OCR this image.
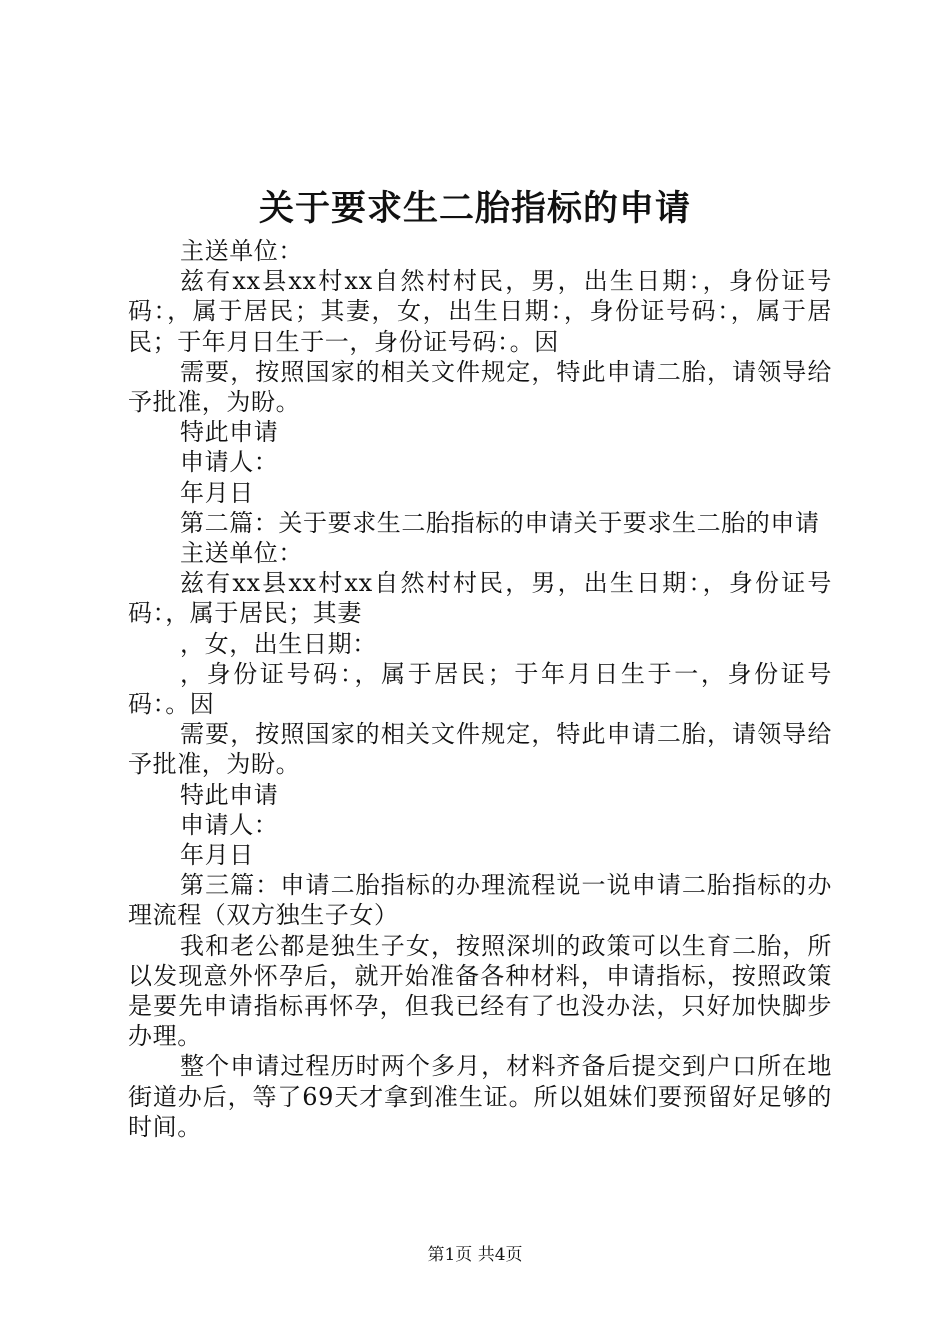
关于要求生二胎指标的申请

主送单位：

兹有xx县xx村xx自然村村民，男，出生日期：，身份证号码：，属于居民；其妻，女，出生日期：，身份证号码：，属于居民；于年月日生于一，身份证号码：。因

需要，按照国家的相关文件规定，特此申请二胎，请领导给予批准，为盼。

特此申请

申请人：

年月日

第二篇：关于要求生二胎指标的申请关于要求生二胎的申请

主送单位：

兹有xx县xx村xx自然村村民，男，出生日期：，身份证号码：，属于居民；其妻

，女，出生日期：

，身份证号码：，属于居民；于年月日生于一，身份证号码：。因

需要，按照国家的相关文件规定，特此申请二胎，请领导给予批准，为盼。

特此申请

申请人：

年月日

第三篇：申请二胎指标的办理流程说一说申请二胎指标的办理流程（双方独生子女）

我和老公都是独生子女，按照深圳的政策可以生育二胎，所以发现意外怀孕后，就开始准备各种材料，申请指标，按照政策是要先申请指标再怀孕，但我已经有了也没办法，只好加快脚步办理。

整个申请过程历时两个多月，材料齐备后提交到户口所在地街道办后，等了69天才拿到准生证。所以姐妹们要预留好足够的时间。

第1页 共4页
